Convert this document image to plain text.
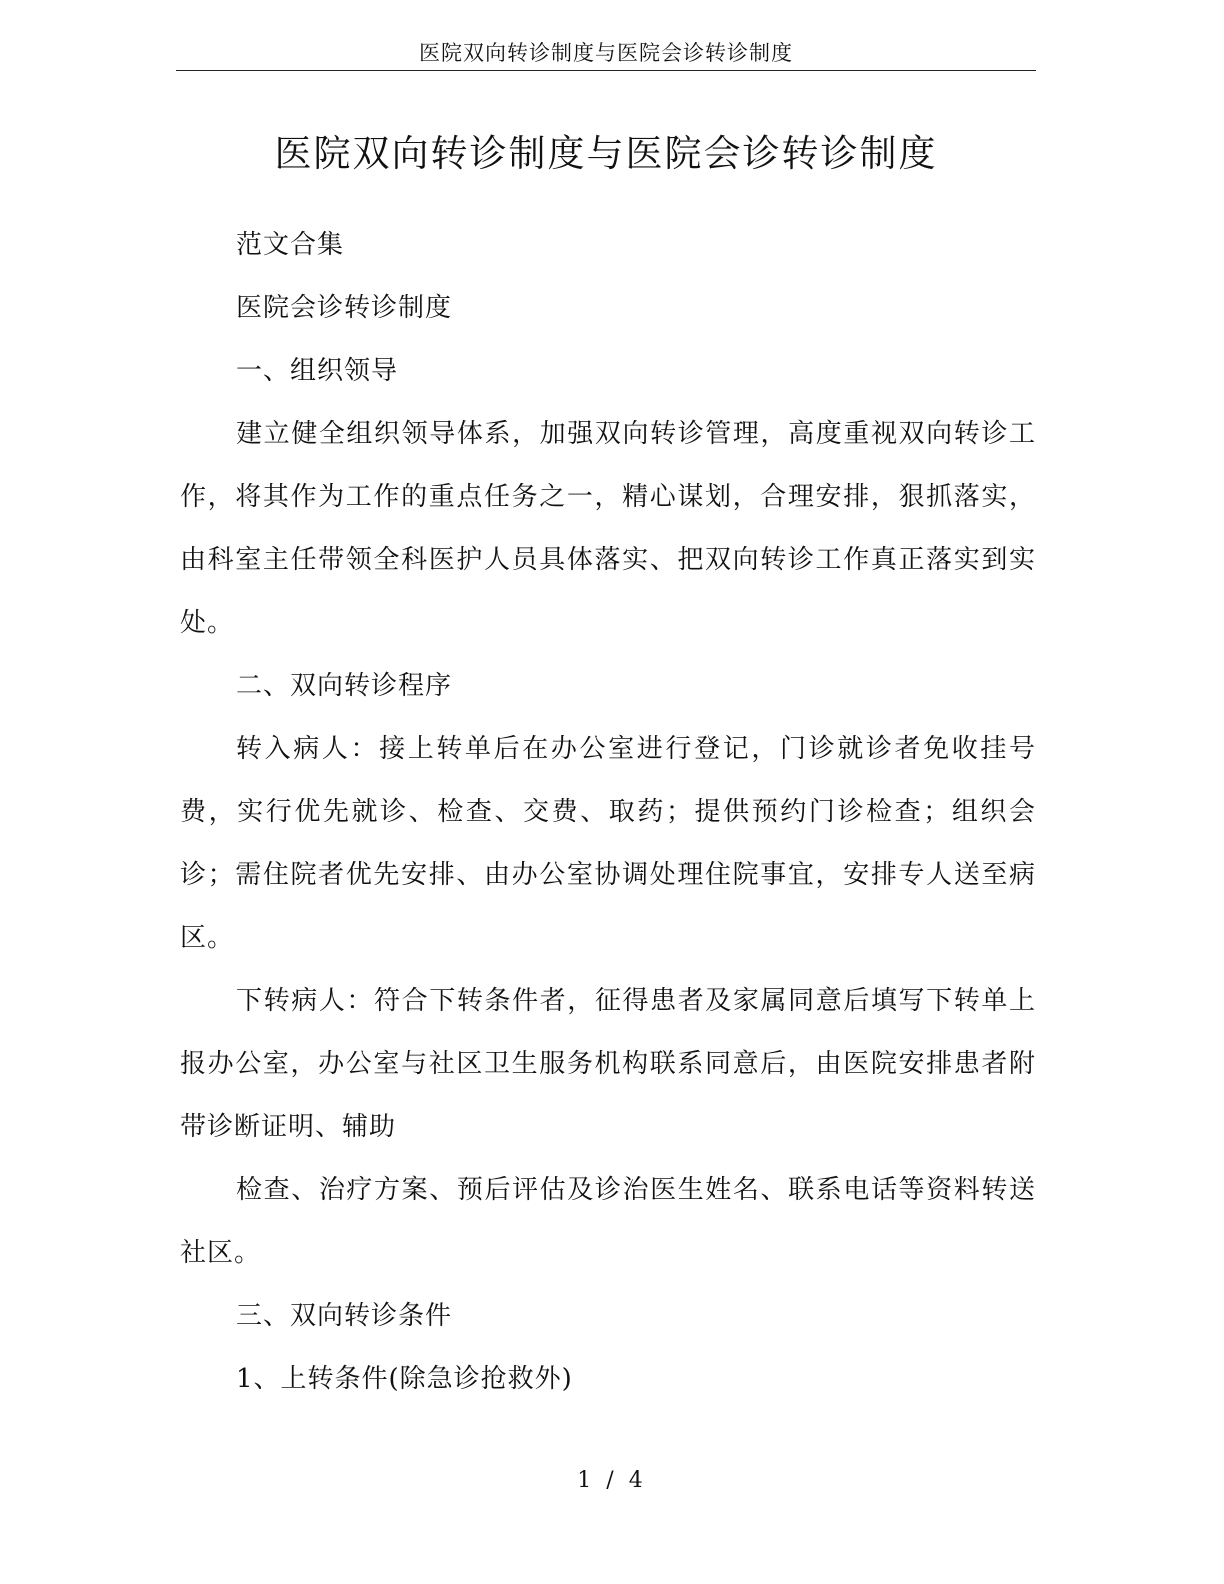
医院双向转诊制度与医院会诊转诊制度
医院双向转诊制度与医院会诊转诊制度

范文合集

医院会诊转诊制度

一、组织领导

建立健全组织领导体系，加强双向转诊管理，高度重视双向转诊工作，将其作为工作的重点任务之一，精心谋划，合理安排，狠抓落实，由科室主任带领全科医护人员具体落实、把双向转诊工作真正落实到实处。

二、双向转诊程序

转入病人：接上转单后在办公室进行登记，门诊就诊者免收挂号费，实行优先就诊、检查、交费、取药；提供预约门诊检查；组织会诊；需住院者优先安排、由办公室协调处理住院事宜，安排专人送至病区。

下转病人：符合下转条件者，征得患者及家属同意后填写下转单上报办公室，办公室与社区卫生服务机构联系同意后，由医院安排患者附带诊断证明、辅助

检查、治疗方案、预后评估及诊治医生姓名、联系电话等资料转送社区。

三、双向转诊条件

1、上转条件(除急诊抢救外)

1 / 4
